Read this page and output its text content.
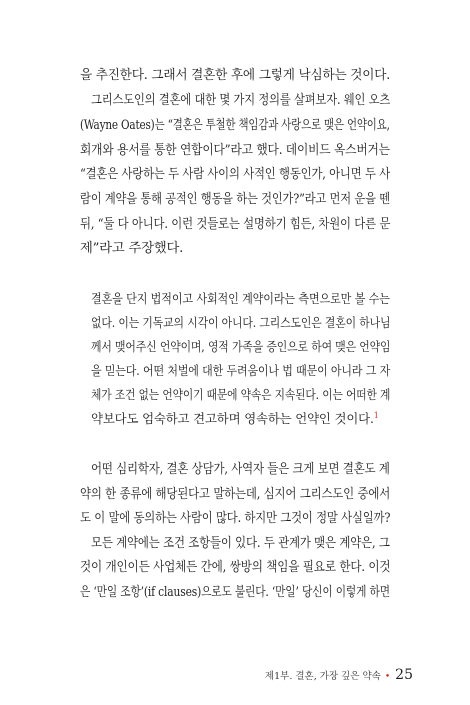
을 추진한다. 그래서 결혼한 후에 그렇게 낙심하는 것이다.
그리스도인의 결혼에 대한 몇 가지 정의를 살펴보자. 웨인 오츠
(Wayne Oates)는 “결혼은 투철한 책임감과 사랑으로 맺은 언약이요,
회개와 용서를 통한 연합이다”라고 했다. 데이비드 옥스버거는
“결혼은 사랑하는 두 사람 사이의 사적인 행동인가, 아니면 두 사
람이 계약을 통해 공적인 행동을 하는 것인가?”라고 먼저 운을 뗀
뒤, “둘 다 아니다. 이런 것들로는 설명하기 힘든, 차원이 다른 문
제”라고 주장했다.
결혼을 단지 법적이고 사회적인 계약이라는 측면으로만 볼 수는
없다. 이는 기독교의 시각이 아니다. 그리스도인은 결혼이 하나님
께서 맺어주신 언약이며, 영적 가족을 증인으로 하여 맺은 언약임
을 믿는다. 어떤 처벌에 대한 두려움이나 법 때문이 아니라 그 자
체가 조건 없는 언약이기 때문에 약속은 지속된다. 이는 어떠한 계
약보다도 엄숙하고 견고하며 영속하는 언약인 것이다.$^1$
어떤 심리학자, 결혼 상담가, 사역자 들은 크게 보면 결혼도 계
약의 한 종류에 해당된다고 말하는데, 심지어 그리스도인 중에서
도 이 말에 동의하는 사람이 많다. 하지만 그것이 정말 사실일까?
모든 계약에는 조건 조항들이 있다. 두 관계가 맺은 계약은, 그
것이 개인이든 사업체든 간에, 쌍방의 책임을 필요로 한다. 이것
은 ‘만일 조항’(if clauses)으로도 불린다. ‘만일’ 당신이 이렇게 하면
제1부. 결혼, 가장 깊은 약속 • 25
